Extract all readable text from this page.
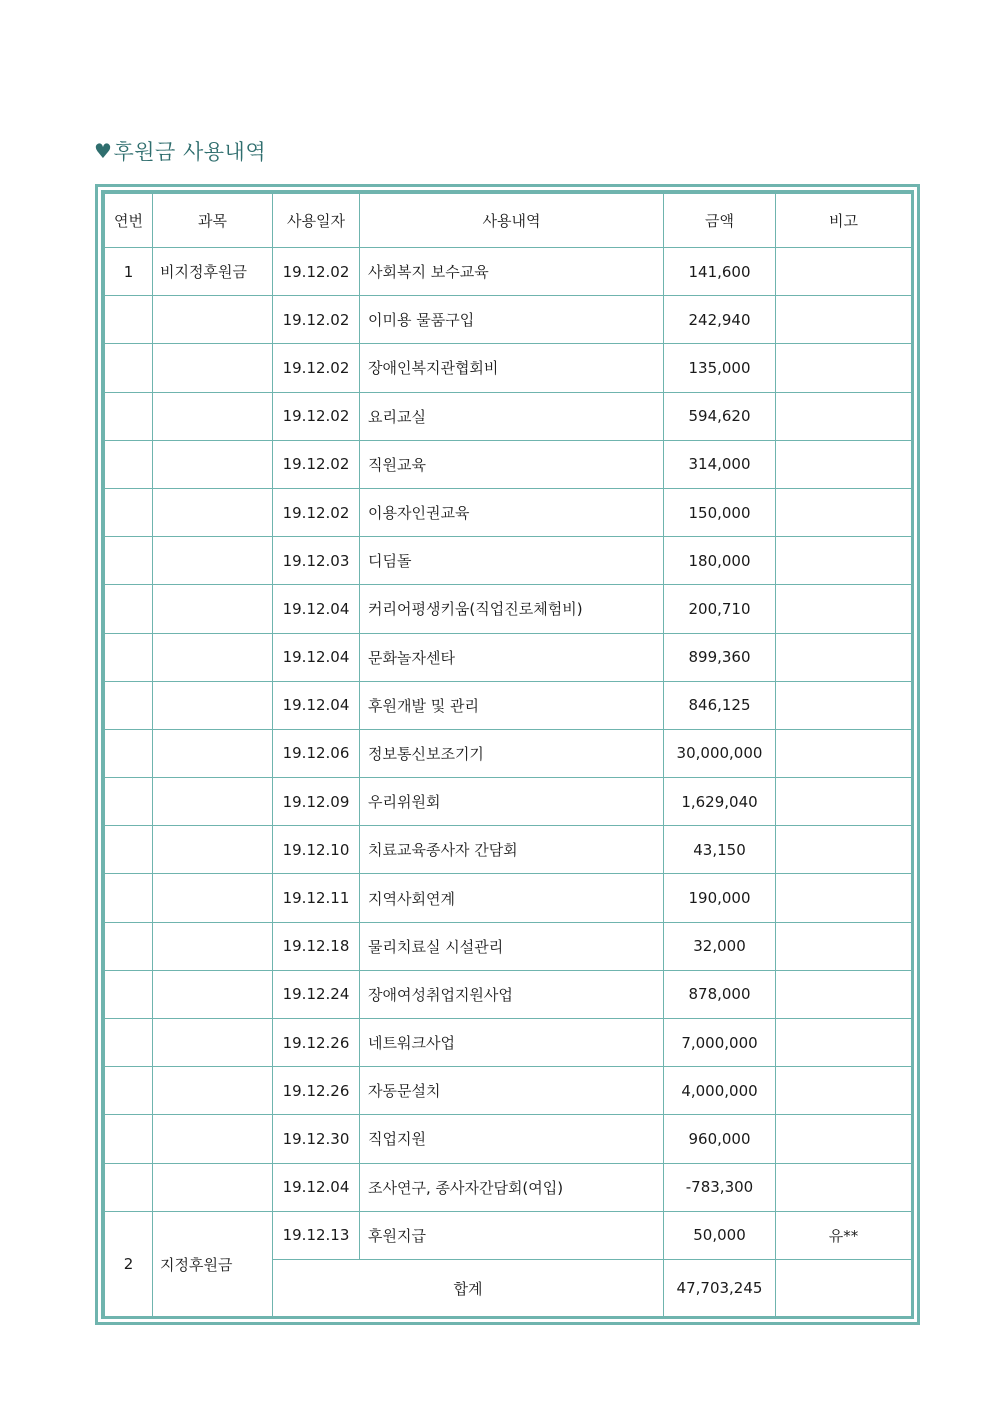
♥ 후원금 사용내역
연번	과목	사용일자	사용내역	금액	비고
1	비지정후원금	19.12.02	사회복지 보수교육	141,600	
		19.12.02	이미용 물품구입	242,940	
		19.12.02	장애인복지관협회비	135,000	
		19.12.02	요리교실	594,620	
		19.12.02	직원교육	314,000	
		19.12.02	이용자인권교육	150,000	
		19.12.03	디딤돌	180,000	
		19.12.04	커리어평생키움(직업진로체험비)	200,710	
		19.12.04	문화놀자센타	899,360	
		19.12.04	후원개발 및 관리	846,125	
		19.12.06	정보통신보조기기	30,000,000	
		19.12.09	우리위원회	1,629,040	
		19.12.10	치료교육종사자 간담회	43,150	
		19.12.11	지역사회연계	190,000	
		19.12.18	물리치료실 시설관리	32,000	
		19.12.24	장애여성취업지원사업	878,000	
		19.12.26	네트워크사업	7,000,000	
		19.12.26	자동문설치	4,000,000	
		19.12.30	직업지원	960,000	
		19.12.04	조사연구, 종사자간담회(여입)	-783,300	
2	지정후원금	19.12.13	후원지급	50,000	유**
		합계		47,703,245	
